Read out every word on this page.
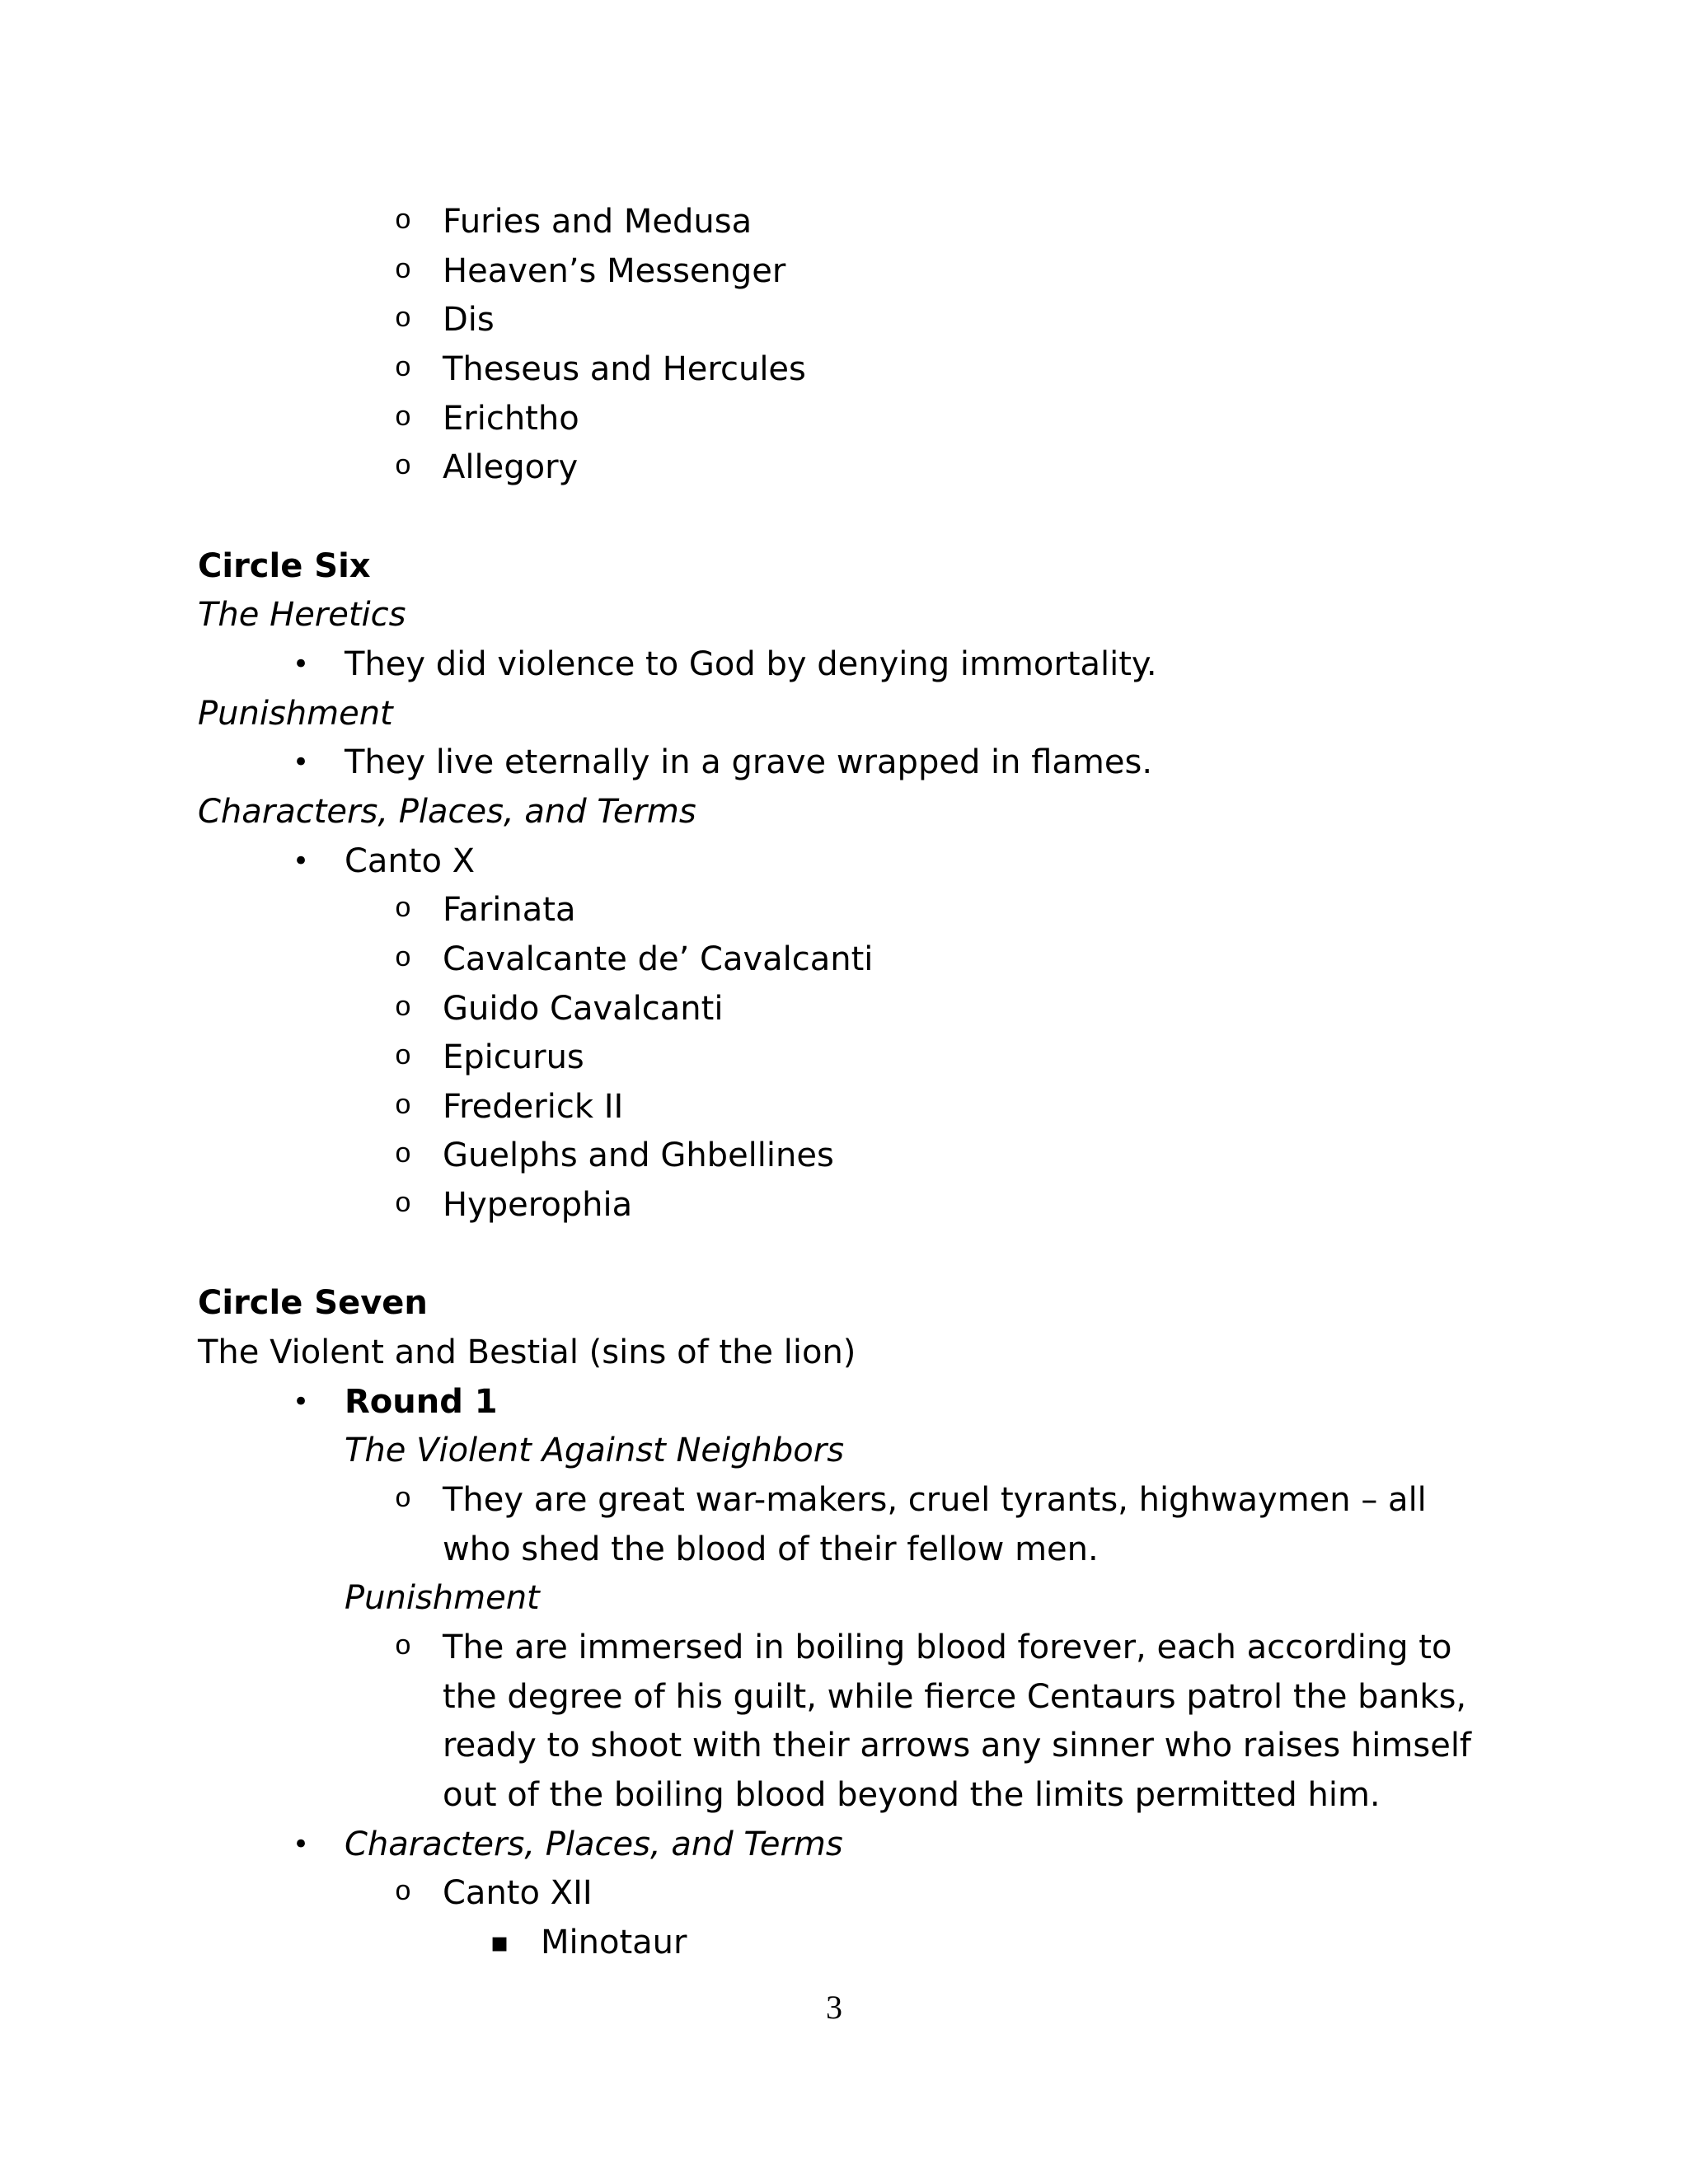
o Furies and Medusa
o Heaven’s Messenger
o Dis
o Theseus and Hercules
o Erichtho
o Allegory
Circle Six
The Heretics
• They did violence to God by denying immortality.
Punishment
• They live eternally in a grave wrapped in flames.
Characters, Places, and Terms
• Canto X
o Farinata
o Cavalcante de’ Cavalcanti
o Guido Cavalcanti
o Epicurus
o Frederick II
o Guelphs and Ghbellines
o Hyperophia
Circle Seven
The Violent and Bestial (sins of the lion)
• Round 1
The Violent Against Neighbors
o They are great war-makers, cruel tyrants, highwaymen – all
who shed the blood of their fellow men.
Punishment
o The are immersed in boiling blood forever, each according to
the degree of his guilt, while fierce Centaurs patrol the banks,
ready to shoot with their arrows any sinner who raises himself
out of the boiling blood beyond the limits permitted him.
• Characters, Places, and Terms
o Canto XII
▪ Minotaur
3
